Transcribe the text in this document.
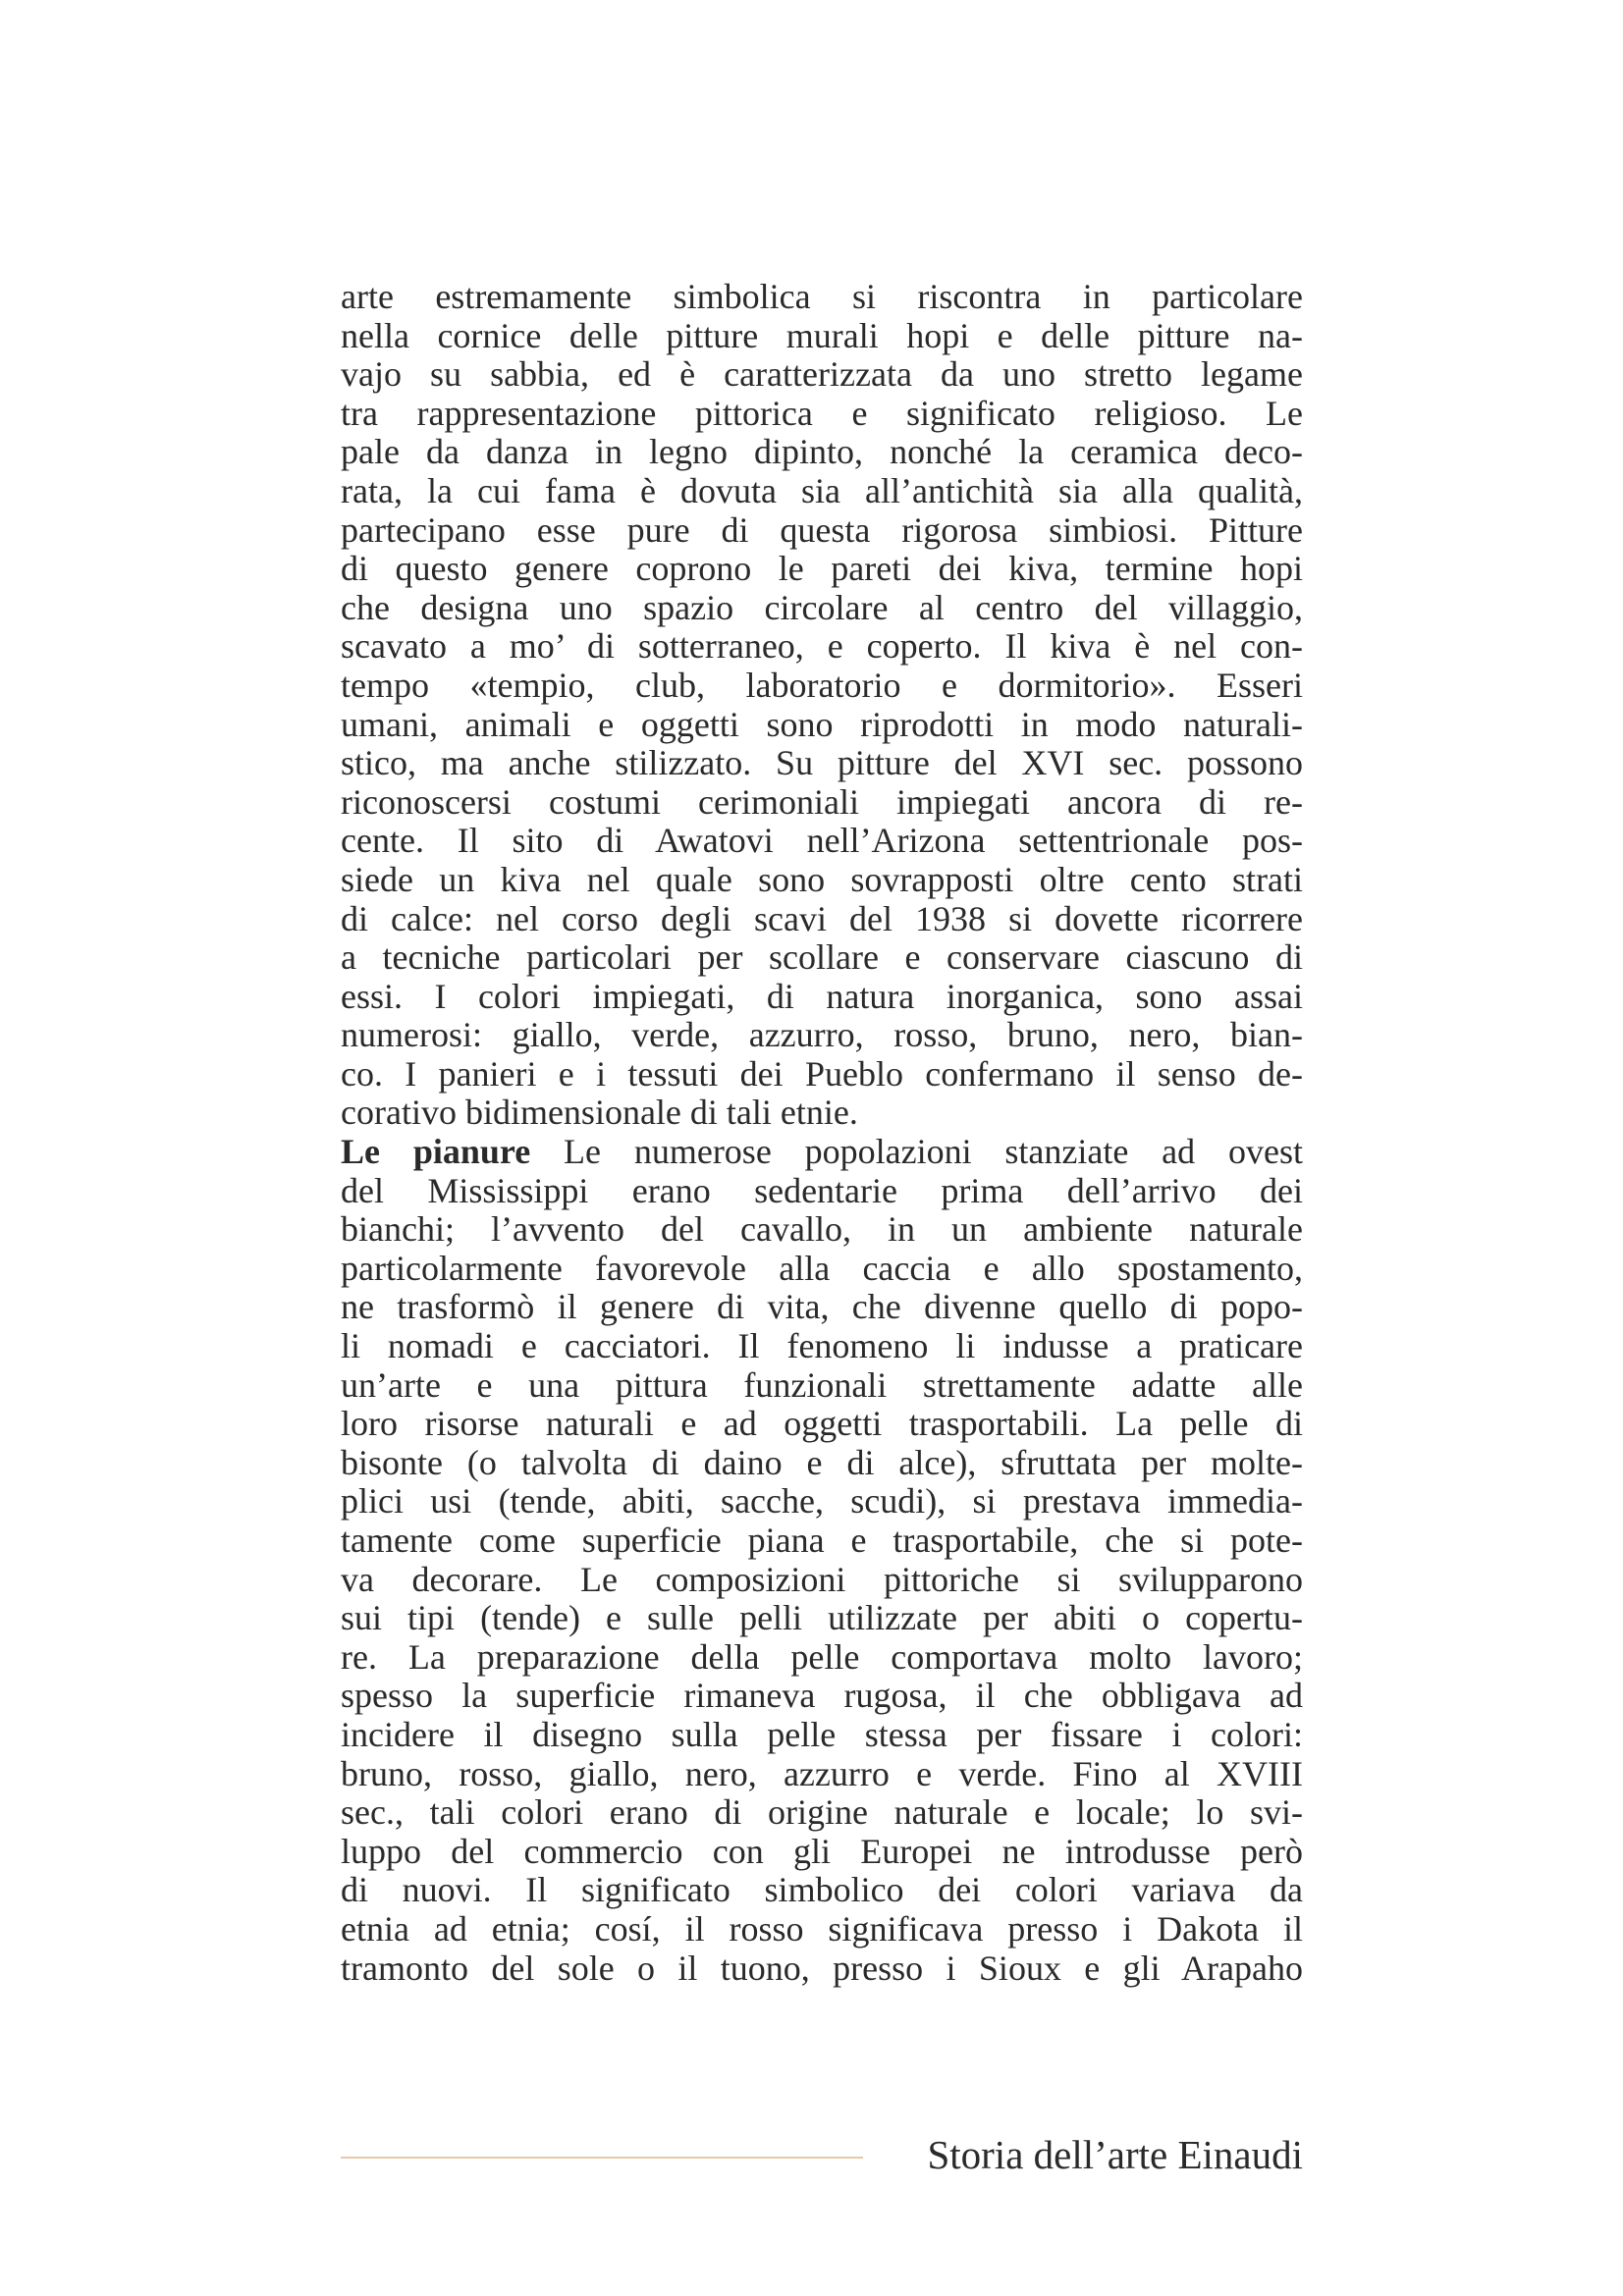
arte estremamente simbolica si riscontra in particolare
nella cornice delle pitture murali hopi e delle pitture na-
vajo su sabbia, ed è caratterizzata da uno stretto legame
tra rappresentazione pittorica e significato religioso. Le
pale da danza in legno dipinto, nonché la ceramica deco-
rata, la cui fama è dovuta sia all’antichità sia alla qualità,
partecipano esse pure di questa rigorosa simbiosi. Pitture
di questo genere coprono le pareti dei kiva, termine hopi
che designa uno spazio circolare al centro del villaggio,
scavato a mo’ di sotterraneo, e coperto. Il kiva è nel con-
tempo «tempio, club, laboratorio e dormitorio». Esseri
umani, animali e oggetti sono riprodotti in modo naturali-
stico, ma anche stilizzato. Su pitture del XVI sec. possono
riconoscersi costumi cerimoniali impiegati ancora di re-
cente. Il sito di Awatovi nell’Arizona settentrionale pos-
siede un kiva nel quale sono sovrapposti oltre cento strati
di calce: nel corso degli scavi del 1938 si dovette ricorrere
a tecniche particolari per scollare e conservare ciascuno di
essi. I colori impiegati, di natura inorganica, sono assai
numerosi: giallo, verde, azzurro, rosso, bruno, nero, bian-
co. I panieri e i tessuti dei Pueblo confermano il senso de-
corativo bidimensionale di tali etnie.
Le pianure Le numerose popolazioni stanziate ad ovest
del Mississippi erano sedentarie prima dell’arrivo dei
bianchi; l’avvento del cavallo, in un ambiente naturale
particolarmente favorevole alla caccia e allo spostamento,
ne trasformò il genere di vita, che divenne quello di popo-
li nomadi e cacciatori. Il fenomeno li indusse a praticare
un’arte e una pittura funzionali strettamente adatte alle
loro risorse naturali e ad oggetti trasportabili. La pelle di
bisonte (o talvolta di daino e di alce), sfruttata per molte-
plici usi (tende, abiti, sacche, scudi), si prestava immedia-
tamente come superficie piana e trasportabile, che si pote-
va decorare. Le composizioni pittoriche si svilupparono
sui tipi (tende) e sulle pelli utilizzate per abiti o copertu-
re. La preparazione della pelle comportava molto lavoro;
spesso la superficie rimaneva rugosa, il che obbligava ad
incidere il disegno sulla pelle stessa per fissare i colori:
bruno, rosso, giallo, nero, azzurro e verde. Fino al XVIII
sec., tali colori erano di origine naturale e locale; lo svi-
luppo del commercio con gli Europei ne introdusse però
di nuovi. Il significato simbolico dei colori variava da
etnia ad etnia; cosí, il rosso significava presso i Dakota il
tramonto del sole o il tuono, presso i Sioux e gli Arapaho
Storia dell’arte Einaudi
